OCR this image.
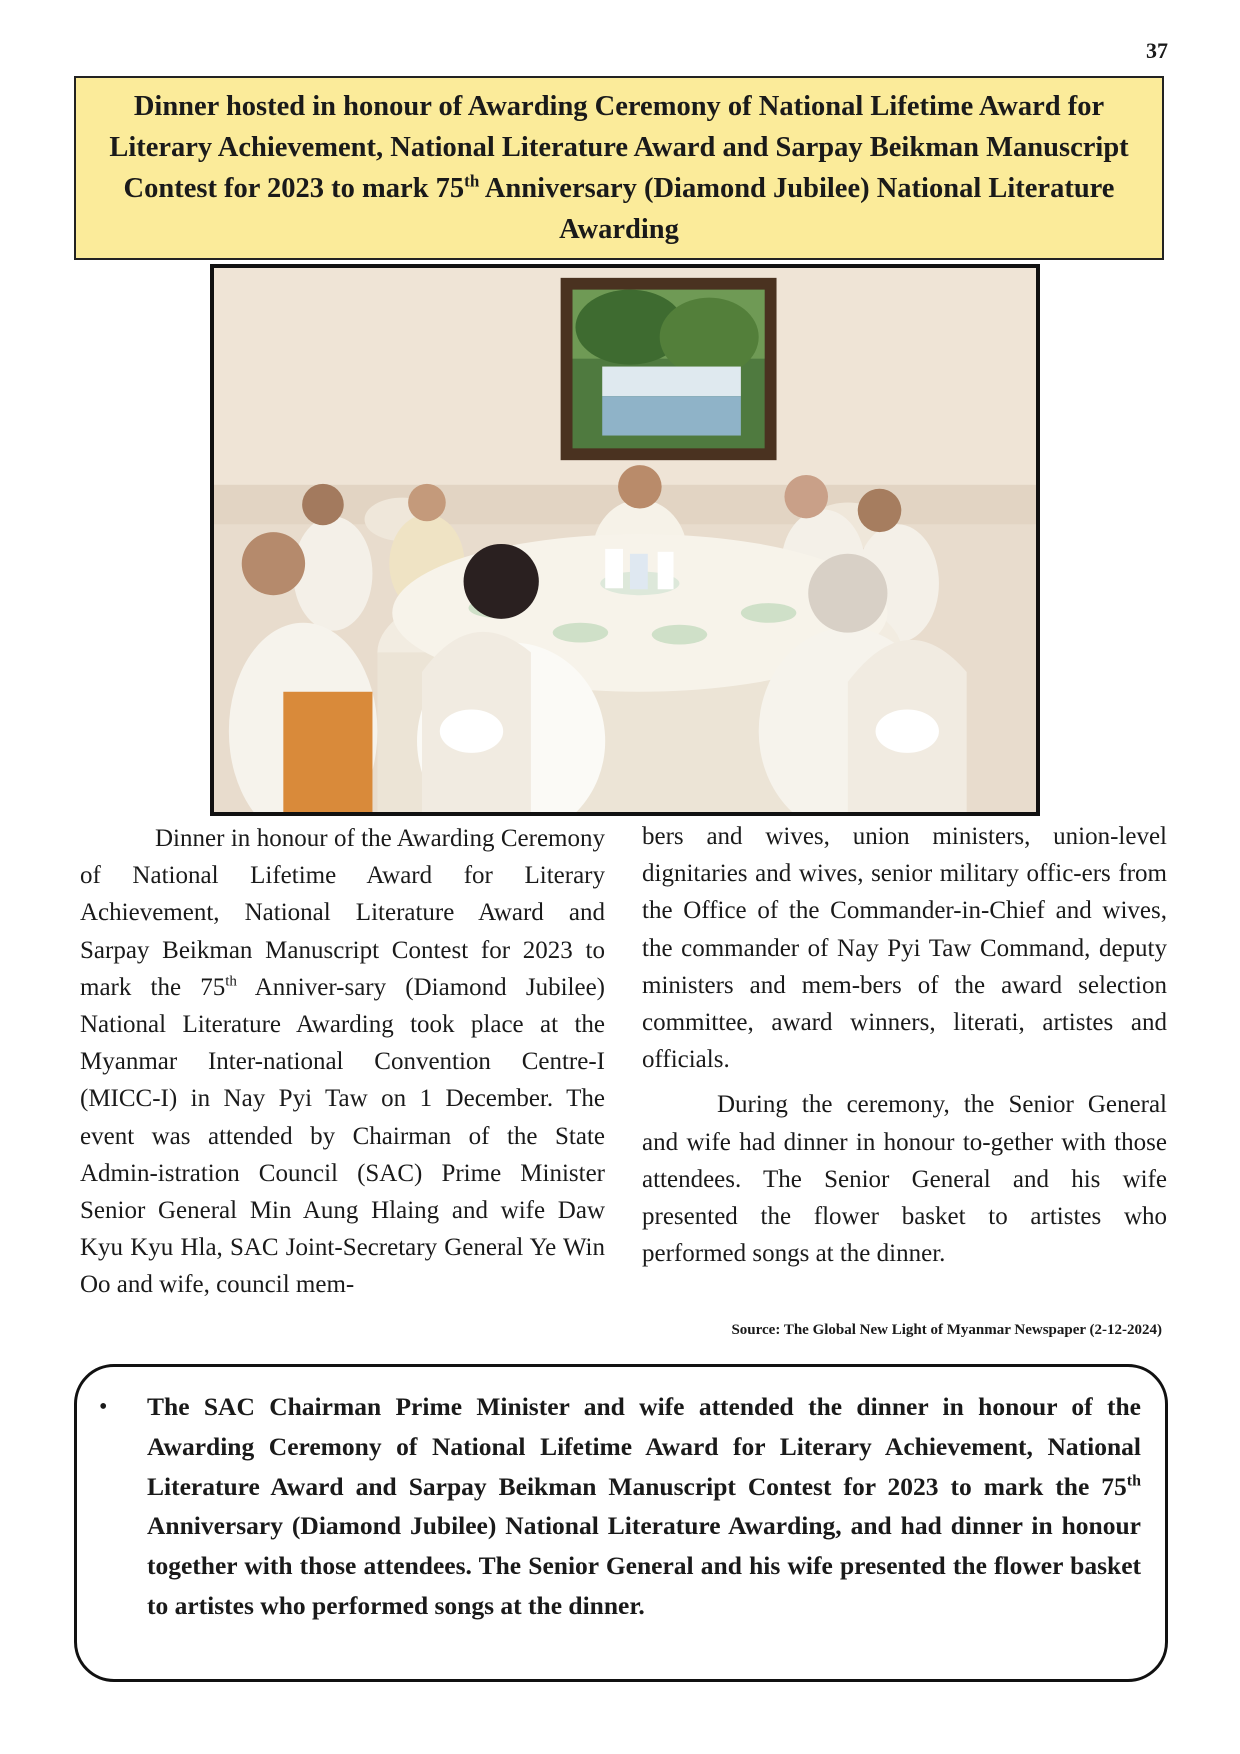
37

Dinner hosted in honour of Awarding Ceremony of National Lifetime Award for Literary Achievement, National Literature Award and Sarpay Beikman Manuscript Contest for 2023 to mark 75th Anniversary (Diamond Jubilee) National Literature Awarding

Dinner in honour of the Awarding Ceremony of National Lifetime Award for Literary Achievement, National Literature Award and Sarpay Beikman Manuscript Contest for 2023 to mark the 75th Anniver-sary (Diamond Jubilee) National Literature Awarding took place at the Myanmar Inter-national Convention Centre-I (MICC-I) in Nay Pyi Taw on 1 December. The event was attended by Chairman of the State Admin-istration Council (SAC) Prime Minister Senior General Min Aung Hlaing and wife Daw Kyu Kyu Hla, SAC Joint-Secretary General Ye Win Oo and wife, council mem-

bers and wives, union ministers, union-level dignitaries and wives, senior military offic-ers from the Office of the Commander-in-Chief and wives, the commander of Nay Pyi Taw Command, deputy ministers and mem-bers of the award selection committee, award winners, literati, artistes and officials.

During the ceremony, the Senior General and wife had dinner in honour to-gether with those attendees. The Senior General and his wife presented the flower basket to artistes who performed songs at the dinner.

Source: The Global New Light of Myanmar Newspaper (2-12-2024)
•	The SAC Chairman Prime Minister and wife attended the dinner in honour of the Awarding Ceremony of National Lifetime Award for Literary Achievement, National Literature Award and Sarpay Beikman Manuscript Contest for 2023 to mark the 75th Anniversary (Diamond Jubilee) National Literature Awarding, and had dinner in honour together with those attendees. The Senior General and his wife presented the flower basket to artistes who performed songs at the dinner.
